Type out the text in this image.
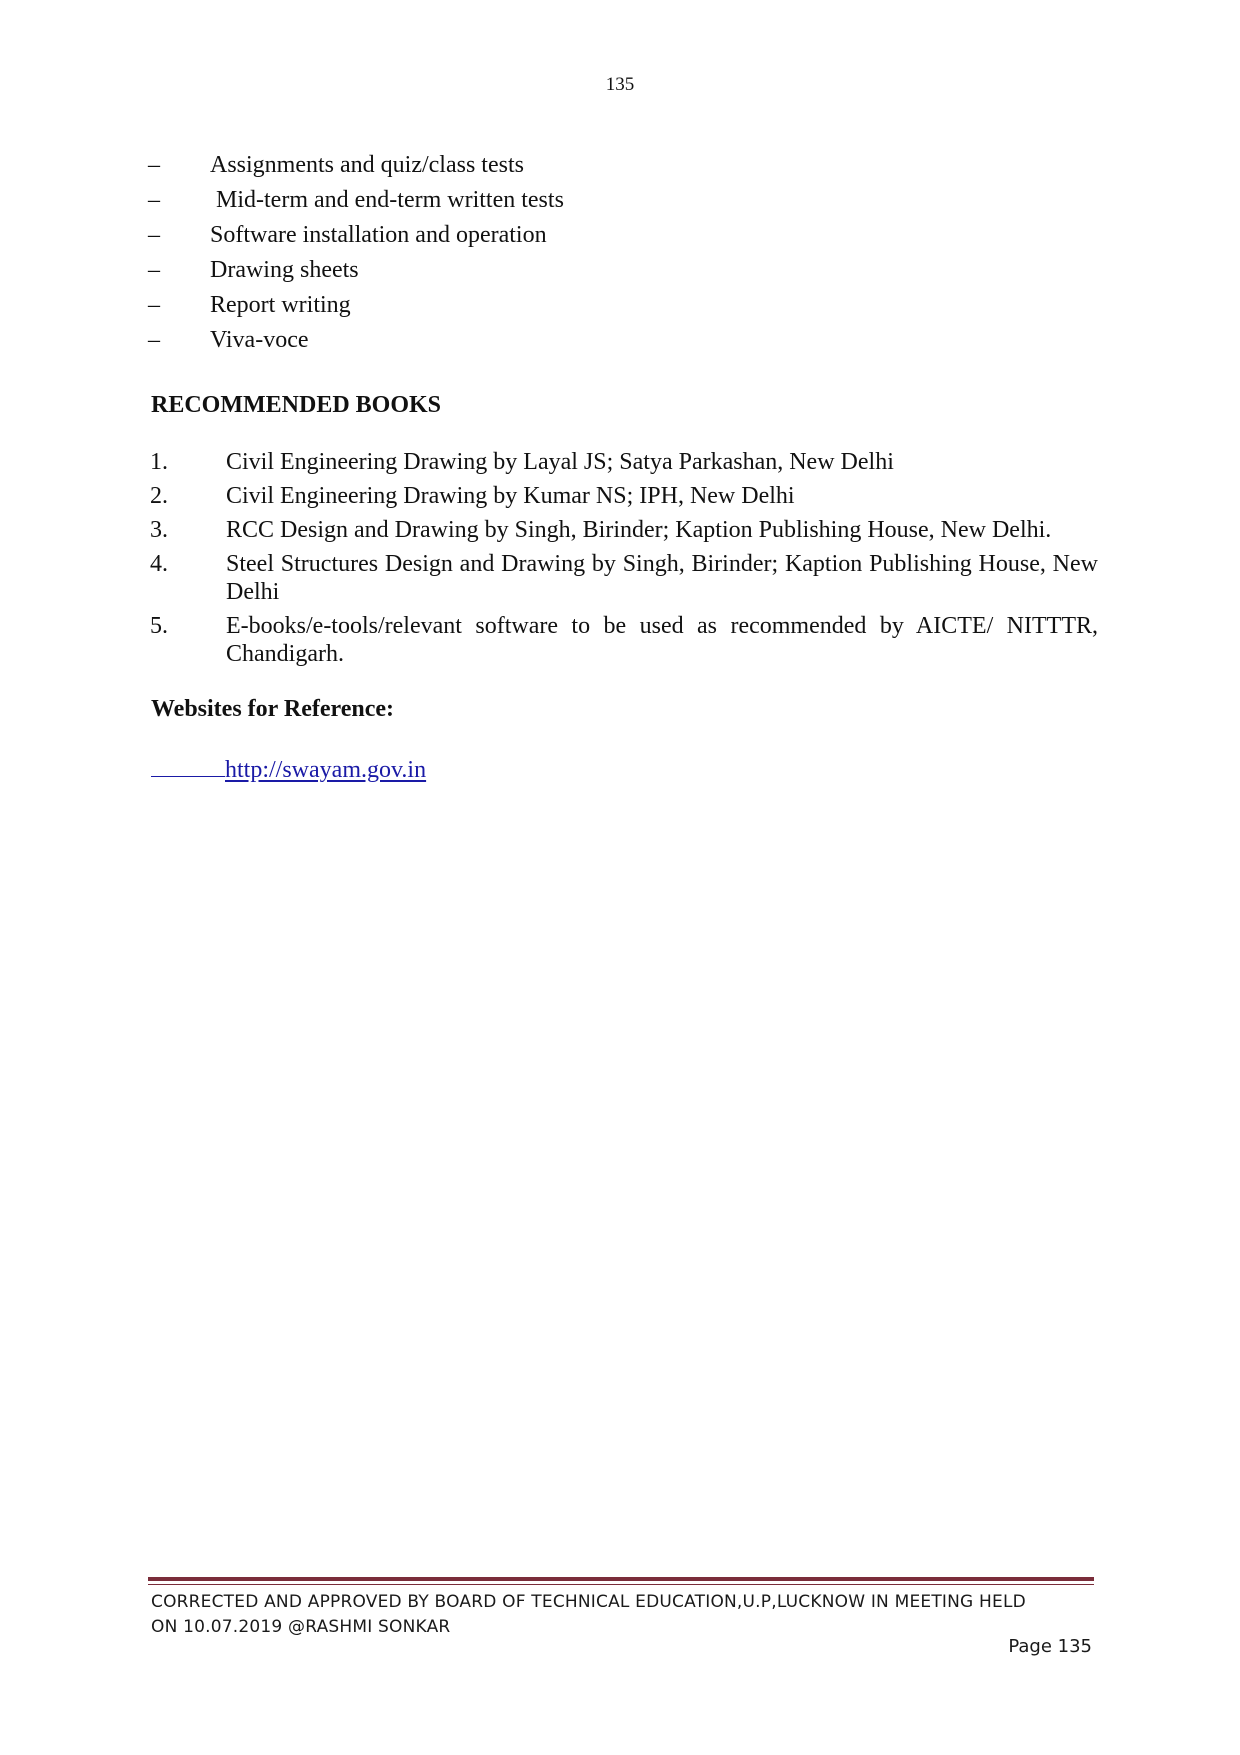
135
–	Assignments and quiz/class tests
–	Mid-term and end-term written tests
–	Software installation and operation
–	Drawing sheets
–	Report writing
–	Viva-voce
RECOMMENDED BOOKS
1. Civil Engineering Drawing by Layal JS; Satya Parkashan, New Delhi
2. Civil Engineering Drawing by Kumar NS; IPH, New Delhi
3. RCC Design and Drawing by Singh, Birinder; Kaption Publishing House, New Delhi.
4. Steel Structures Design and Drawing by Singh, Birinder; Kaption Publishing House, New Delhi
5. E-books/e-tools/relevant software to be used as recommended by AICTE/ NITTTR, Chandigarh.
Websites for Reference:
http://swayam.gov.in
CORRECTED AND APPROVED BY BOARD OF TECHNICAL EDUCATION,U.P,LUCKNOW IN MEETING HELD
ON 10.07.2019 @RASHMI SONKAR
Page 135
